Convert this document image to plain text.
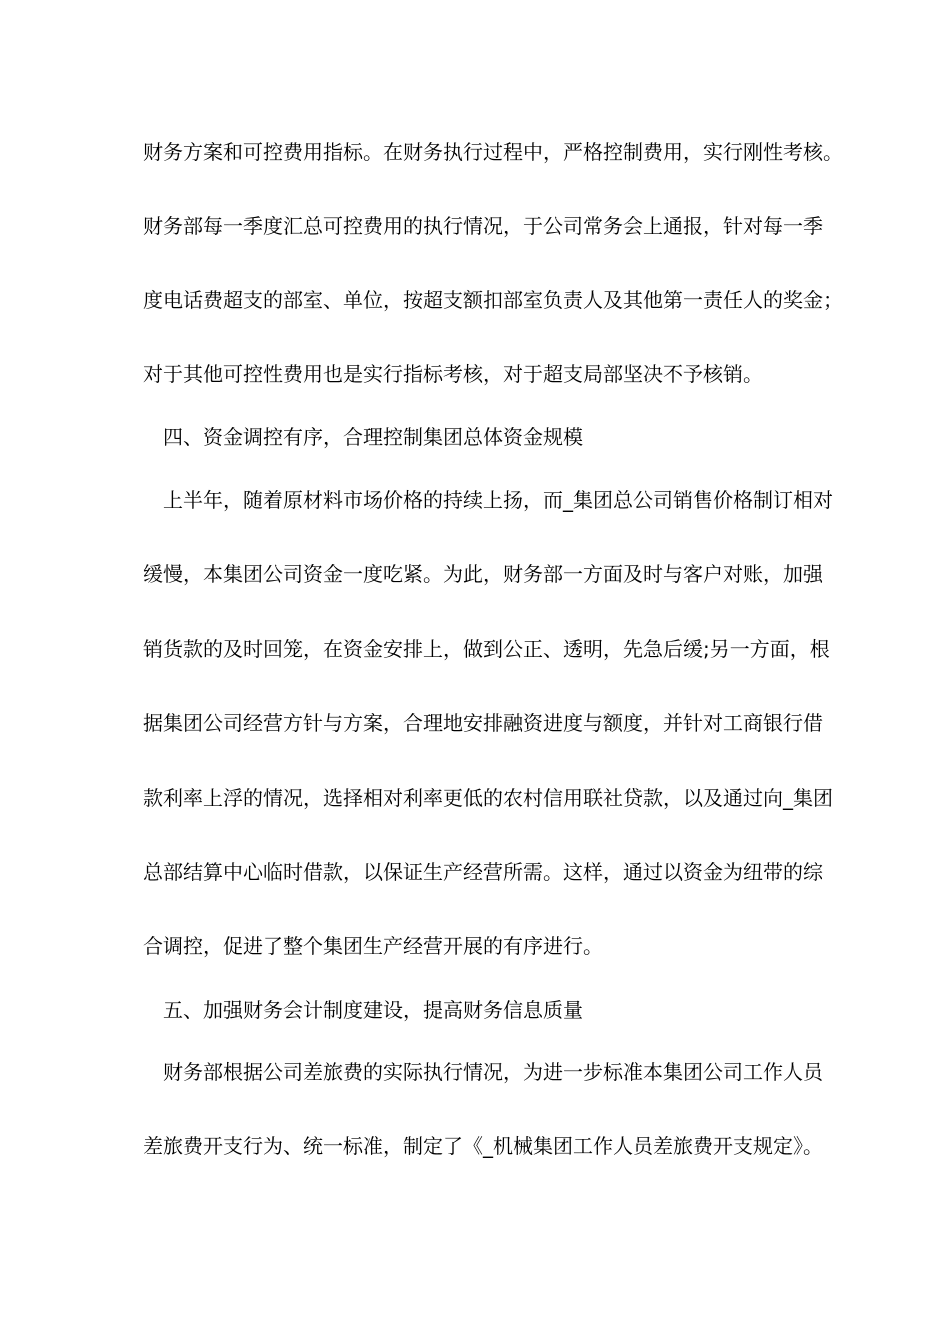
财务方案和可控费用指标。在财务执行过程中，严格控制费用，实行刚性考核。
财务部每一季度汇总可控费用的执行情况，于公司常务会上通报，针对每一季
度电话费超支的部室、单位，按超支额扣部室负责人及其他第一责任人的奖金；
对于其他可控性费用也是实行指标考核，对于超支局部坚决不予核销。
四、资金调控有序，合理控制集团总体资金规模
上半年，随着原材料市场价格的持续上扬，而_集团总公司销售价格制订相对
缓慢，本集团公司资金一度吃紧。为此，财务部一方面及时与客户对账，加强
销货款的及时回笼，在资金安排上，做到公正、透明，先急后缓;另一方面，根
据集团公司经营方针与方案，合理地安排融资进度与额度，并针对工商银行借
款利率上浮的情况，选择相对利率更低的农村信用联社贷款，以及通过向_集团
总部结算中心临时借款，以保证生产经营所需。这样，通过以资金为纽带的综
合调控，促进了整个集团生产经营开展的有序进行。
五、加强财务会计制度建设，提高财务信息质量
财务部根据公司差旅费的实际执行情况，为进一步标准本集团公司工作人员
差旅费开支行为、统一标准，制定了《_机械集团工作人员差旅费开支规定》。
